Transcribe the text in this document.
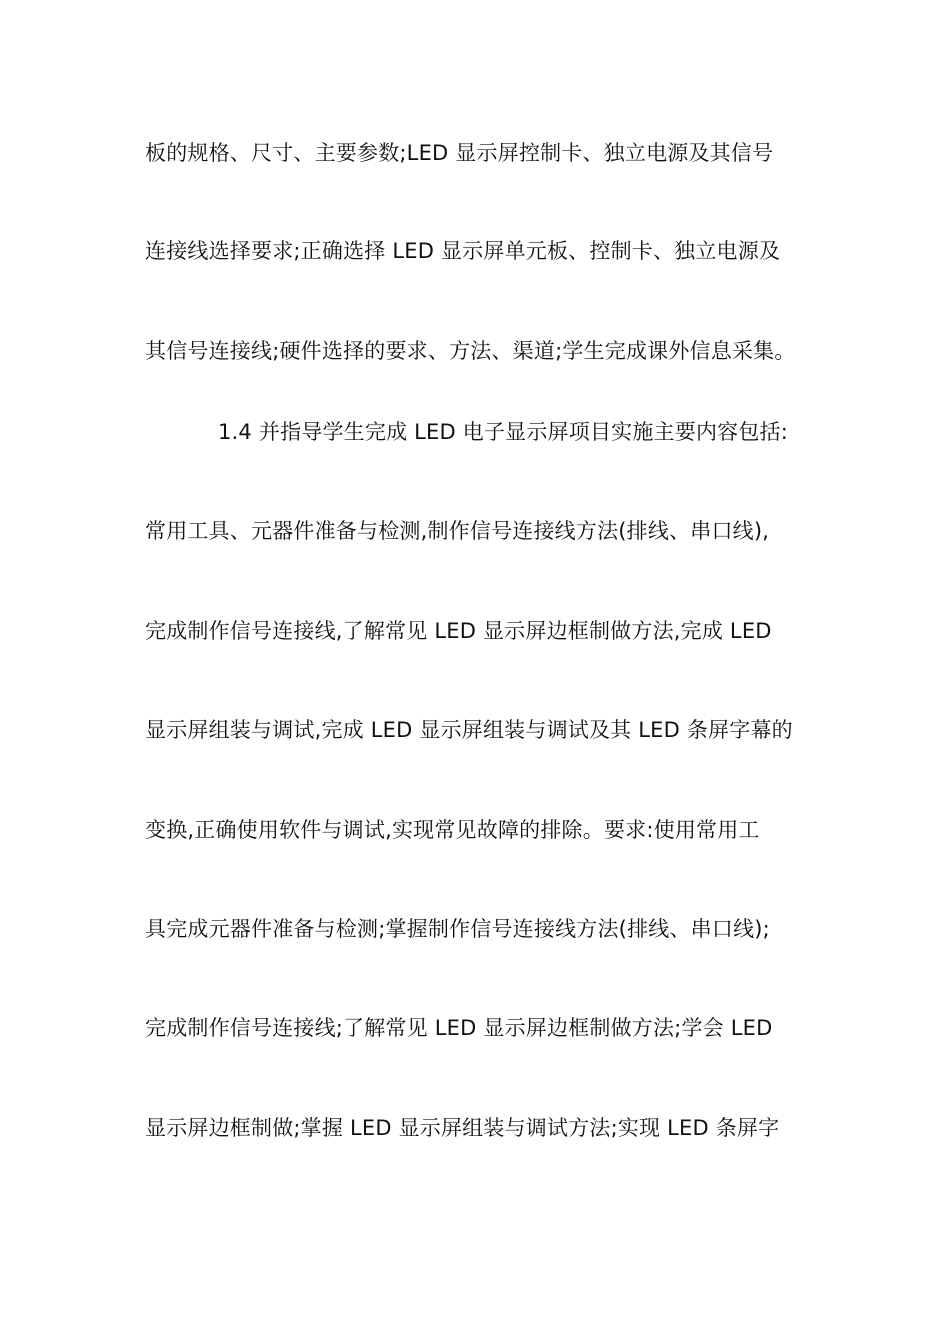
板的规格、尺寸、主要参数;LED 显示屏控制卡、独立电源及其信号
连接线选择要求;正确选择 LED 显示屏单元板、控制卡、独立电源及
其信号连接线;硬件选择的要求、方法、渠道;学生完成课外信息采集。
1.4 并指导学生完成 LED 电子显示屏项目实施主要内容包括:
常用工具、元器件准备与检测,制作信号连接线方法(排线、串口线),
完成制作信号连接线,了解常见 LED 显示屏边框制做方法,完成 LED
显示屏组装与调试,完成 LED 显示屏组装与调试及其 LED 条屏字幕的
变换,正确使用软件与调试,实现常见故障的排除。要求:使用常用工
具完成元器件准备与检测;掌握制作信号连接线方法(排线、串口线);
完成制作信号连接线;了解常见 LED 显示屏边框制做方法;学会 LED
显示屏边框制做;掌握 LED 显示屏组装与调试方法;实现 LED 条屏字
